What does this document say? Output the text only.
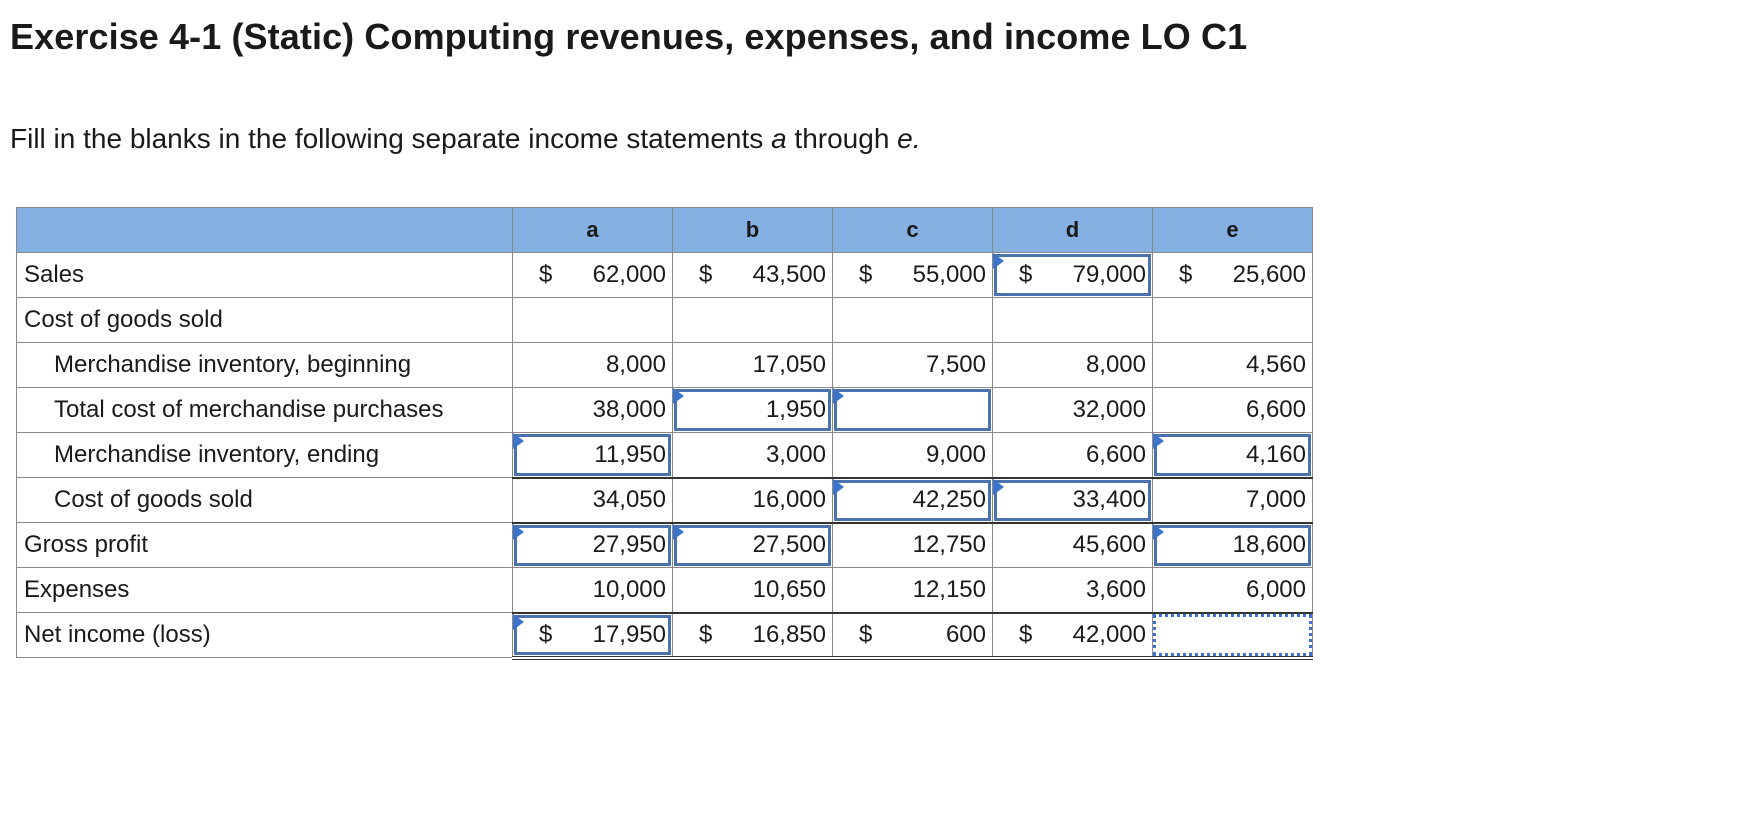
Exercise 4-1 (Static) Computing revenues, expenses, and income LO C1
Fill in the blanks in the following separate income statements a through e.
	a	b	c	d	e
Sales	$ 62,000	$ 43,500	$ 55,000	$ 79,000	$ 25,600

Cost of goods sold					
Merchandise inventory, beginning	8,000	17,050	7,500	8,000	4,560

Total cost of merchandise purchases	38,000	1,950		32,000	6,600

Merchandise inventory, ending	11,950	3,000	9,000	6,600	4,160

Cost of goods sold	34,050	16,000	42,250	33,400	7,000

Gross profit	27,950	27,500	12,750	45,600	18,600

Expenses	10,000	10,650	12,150	3,600	6,000

Net income (loss)	$ 17,950	$ 16,850	$ 600	$ 42,000	
